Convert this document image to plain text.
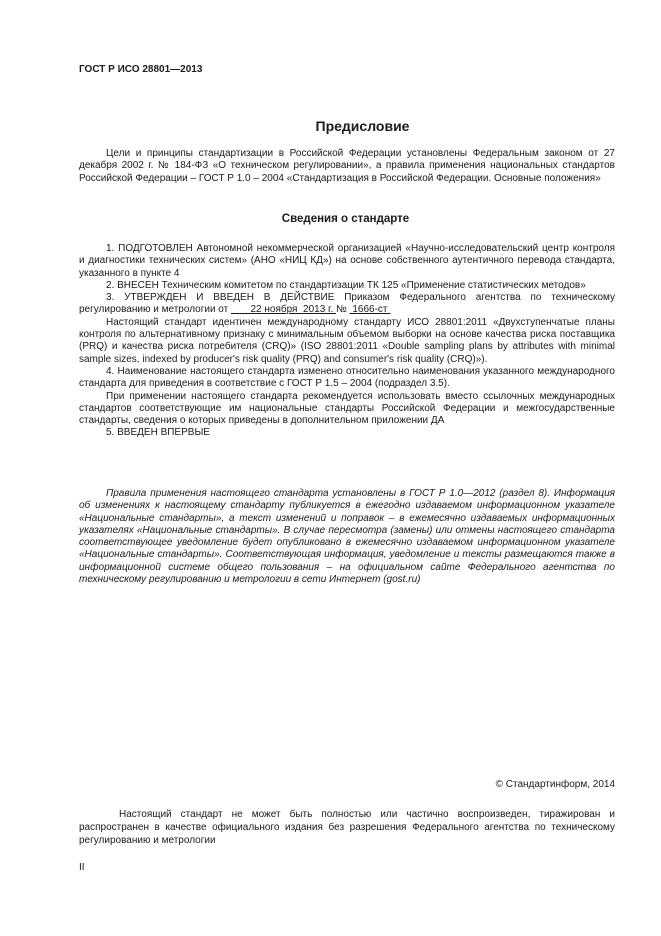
ГОСТ Р ИСО 28801—2013
Предисловие

Цели и принципы стандартизации в Российской Федерации установлены Федеральным законом от 27 декабря 2002 г. № 184-ФЗ «О техническом регулировании», а правила применения национальных стандартов Российской Федерации – ГОСТ Р 1.0 – 2004 «Стандартизация в Российской Федерации. Основные положения»

Сведения о стандарте

1. ПОДГОТОВЛЕН Автономной некоммерческой организацией «Научно-исследовательский центр контроля и диагностики технических систем» (АНО «НИЦ КД») на основе собственного аутентичного перевода стандарта, указанного в пункте 4

2. ВНЕСЕН Техническим комитетом по стандартизации ТК 125 «Применение статистических методов»

3. УТВЕРЖДЕН И ВВЕДЕН В ДЕЙСТВИЕ Приказом Федерального агентства по техническому регулированию и метрологии от        22 ноября  2013 г. №  1666-ст

Настоящий стандарт идентичен международному стандарту ИСО 28801:2011 «Двухступенчатые планы контроля по альтернативному признаку с минимальным объемом выборки на основе качества риска поставщика (PRQ) и качества риска потребителя (CRQ)» (ISO 28801:2011 «Double sampling plans by attributes with minimal sample sizes, indexed by producer's risk quality (PRQ) and consumer's risk quality (CRQ)»).

4. Наименование настоящего стандарта изменено относительно наименования указанного международного стандарта для приведения в соответствие с ГОСТ Р 1.5 – 2004 (подраздел 3.5).

При применении настоящего стандарта рекомендуется использовать вместо ссылочных международных стандартов соответствующие им национальные стандарты Российской Федерации и межгосударственные стандарты, сведения о которых приведены в дополнительном приложении ДА

5. ВВЕДЕН ВПЕРВЫЕ

Правила применения настоящего стандарта установлены в ГОСТ Р 1.0—2012 (раздел 8). Информация об изменениях к настоящему стандарту публикуется в ежегодно издаваемом информационном указателе «Национальные стандарты», а текст изменений и поправок – в ежемесячно издаваемых информационных указателях «Национальные стандарты». В случае пересмотра (замены) или отмены настоящего стандарта соответствующее уведомление будет опубликовано в ежемесячно издаваемом информационном указателе «Национальные стандарты». Соответствующая информация, уведомление и тексты размещаются также в информационной системе общего пользования – на официальном сайте Федерального агентства по техническому регулированию и метрологии в сети Интернет (gost.ru)

© Стандартинформ, 2014

Настоящий стандарт не может быть полностью или частично воспроизведен, тиражирован и распространен в качестве официального издания без разрешения Федерального агентства по техническому регулированию и метрологии

II
